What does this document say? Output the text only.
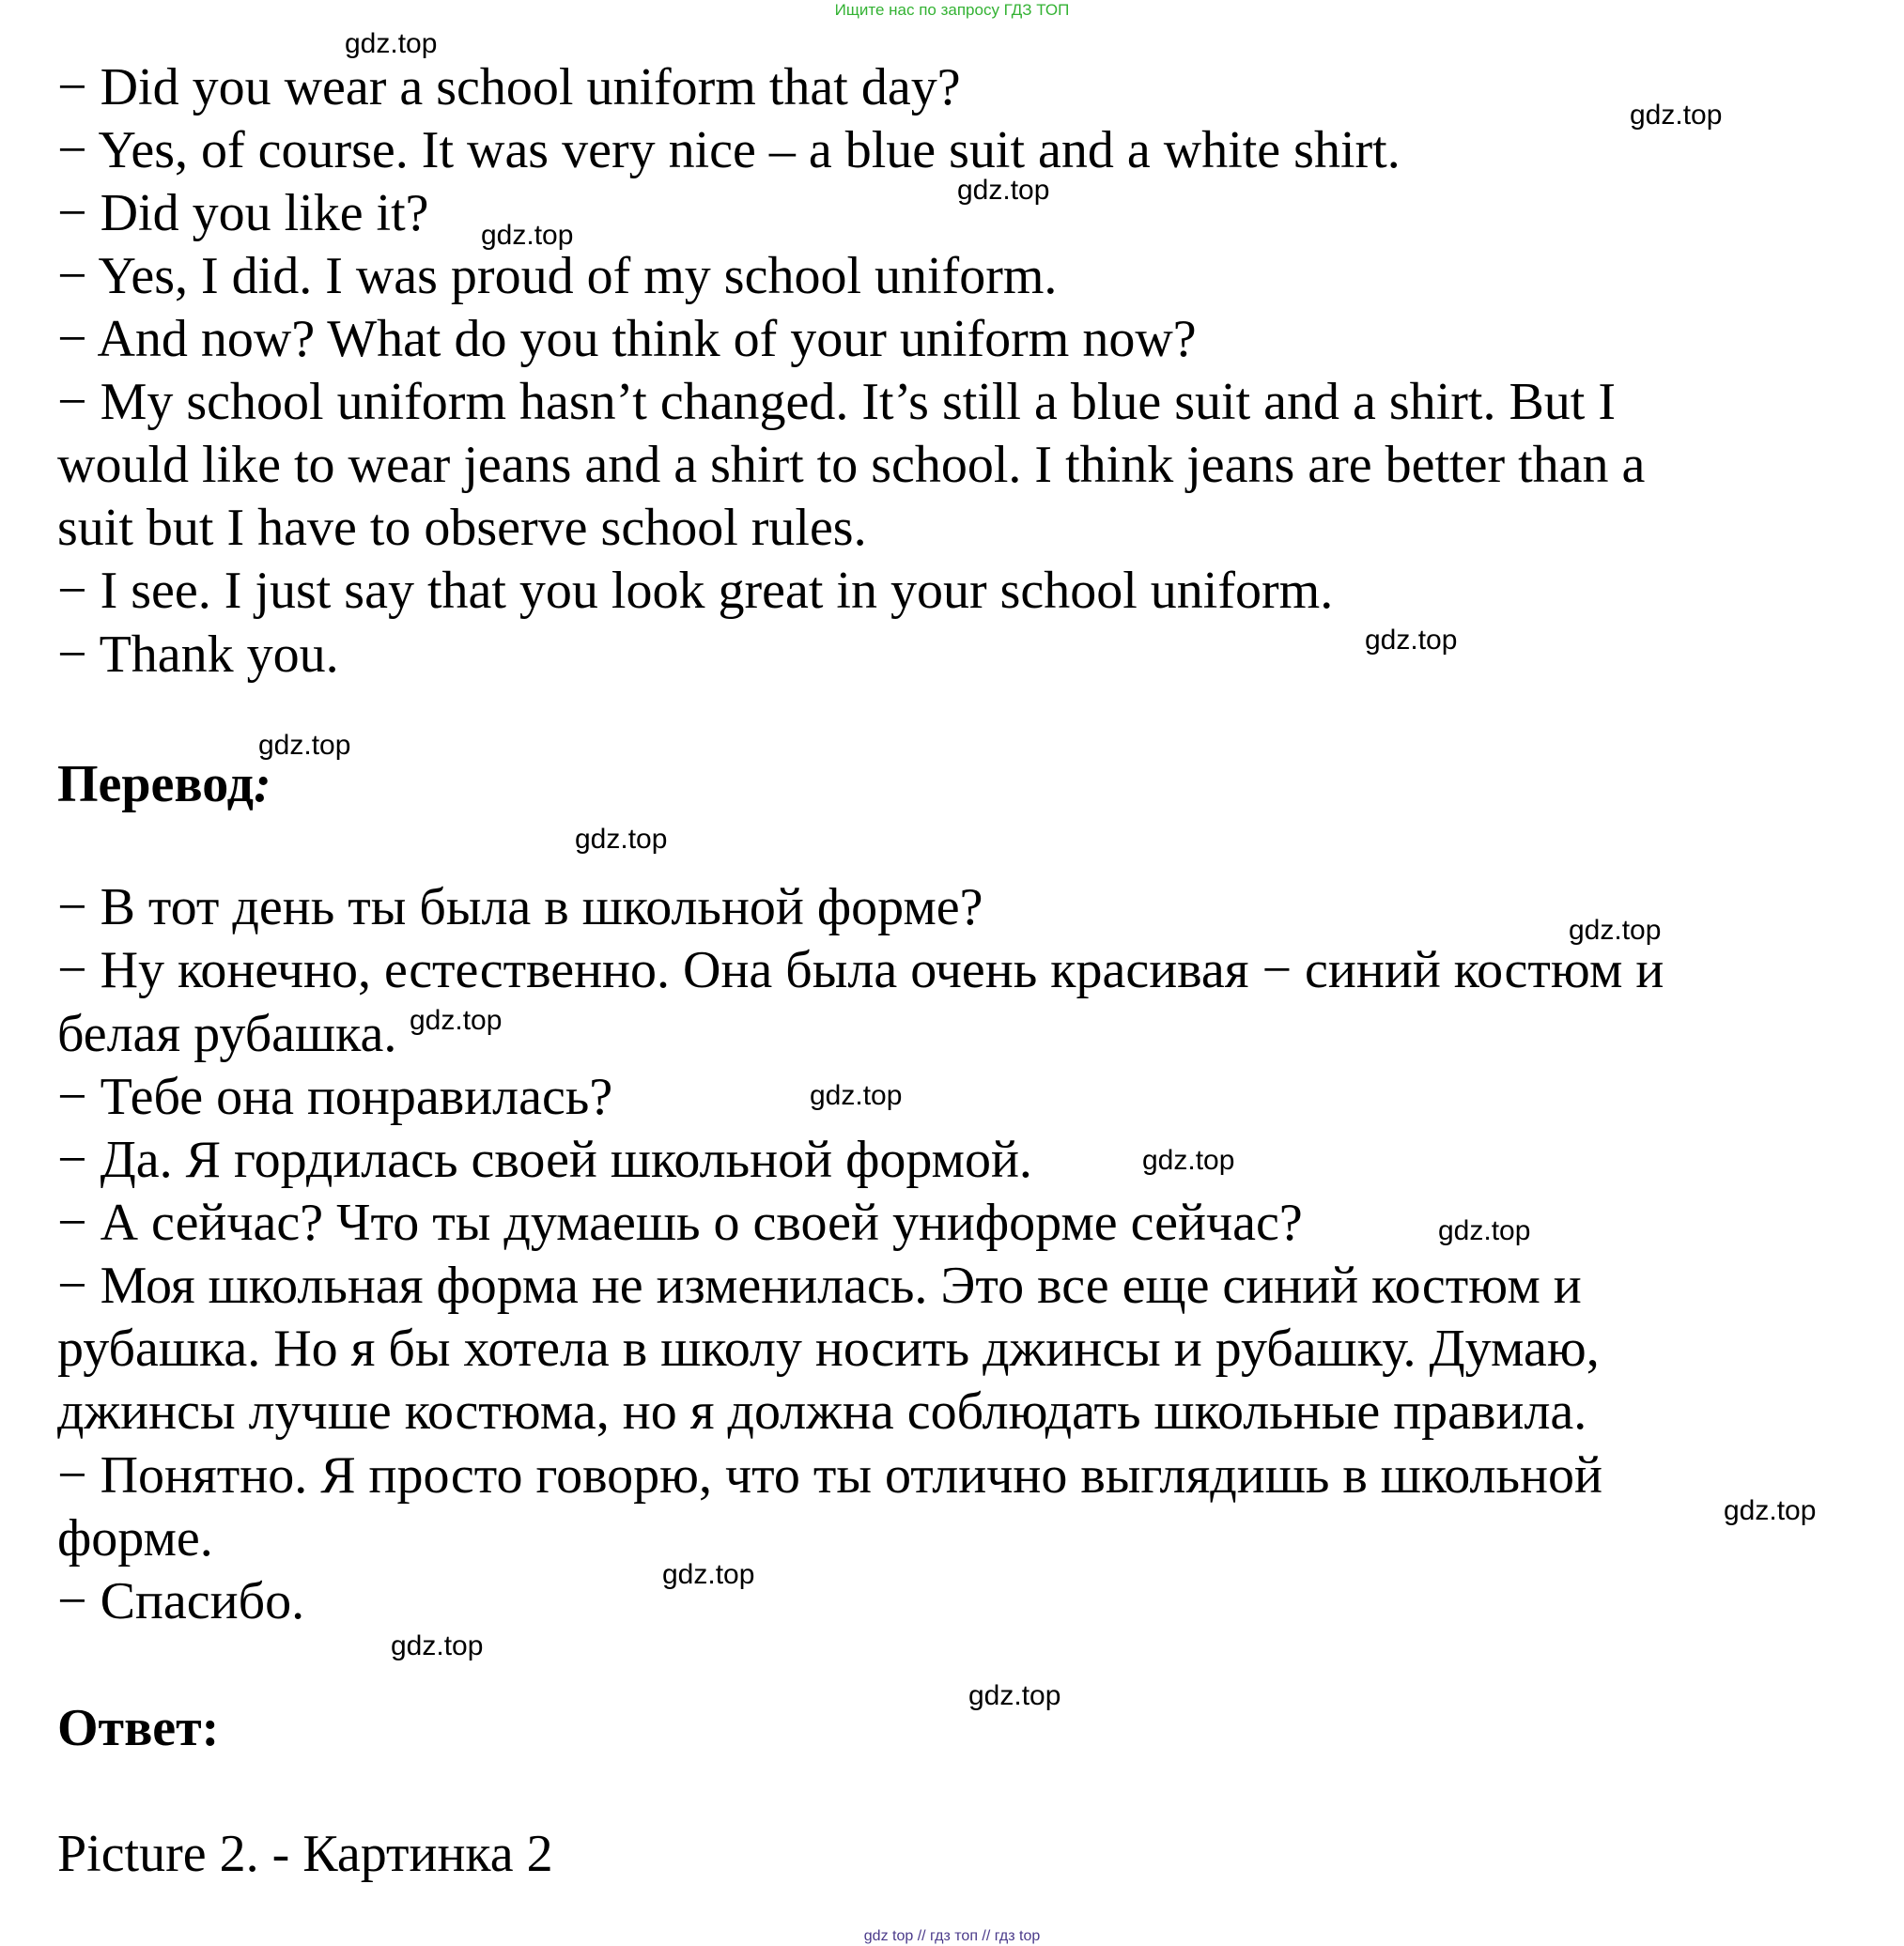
Ищите нас по запросу ГДЗ ТОП
− Did you wear a school uniform that day?
− Yes, of course. It was very nice – a blue suit and a white shirt.
− Did you like it?
− Yes, I did. I was proud of my school uniform.
− And now? What do you think of your uniform now?
− My school uniform hasn’t changed. It’s still a blue suit and a shirt. But I
would like to wear jeans and a shirt to school. I think jeans are better than a
suit but I have to observe school rules.
− I see. I just say that you look great in your school uniform.
− Thank you.
Перевод:
− В тот день ты была в школьной форме?
− Ну конечно, естественно. Она была очень красивая − синий костюм и
белая рубашка.
− Тебе она понравилась?
− Да. Я гордилась своей школьной формой.
− А сейчас? Что ты думаешь о своей униформе сейчас?
− Моя школьная форма не изменилась. Это все еще синий костюм и
рубашка. Но я бы хотела в школу носить джинсы и рубашку. Думаю,
джинсы лучше костюма, но я должна соблюдать школьные правила.
− Понятно. Я просто говорю, что ты отлично выглядишь в школьной
форме.
− Спасибо.
Ответ:
Picture 2. - Картинка 2
gdz.top
gdz.top
gdz.top
gdz.top
gdz.top
gdz.top
gdz.top
gdz.top
gdz.top
gdz.top
gdz.top
gdz.top
gdz.top
gdz.top
gdz.top
gdz.top
gdz top // гдз топ // гдз top
